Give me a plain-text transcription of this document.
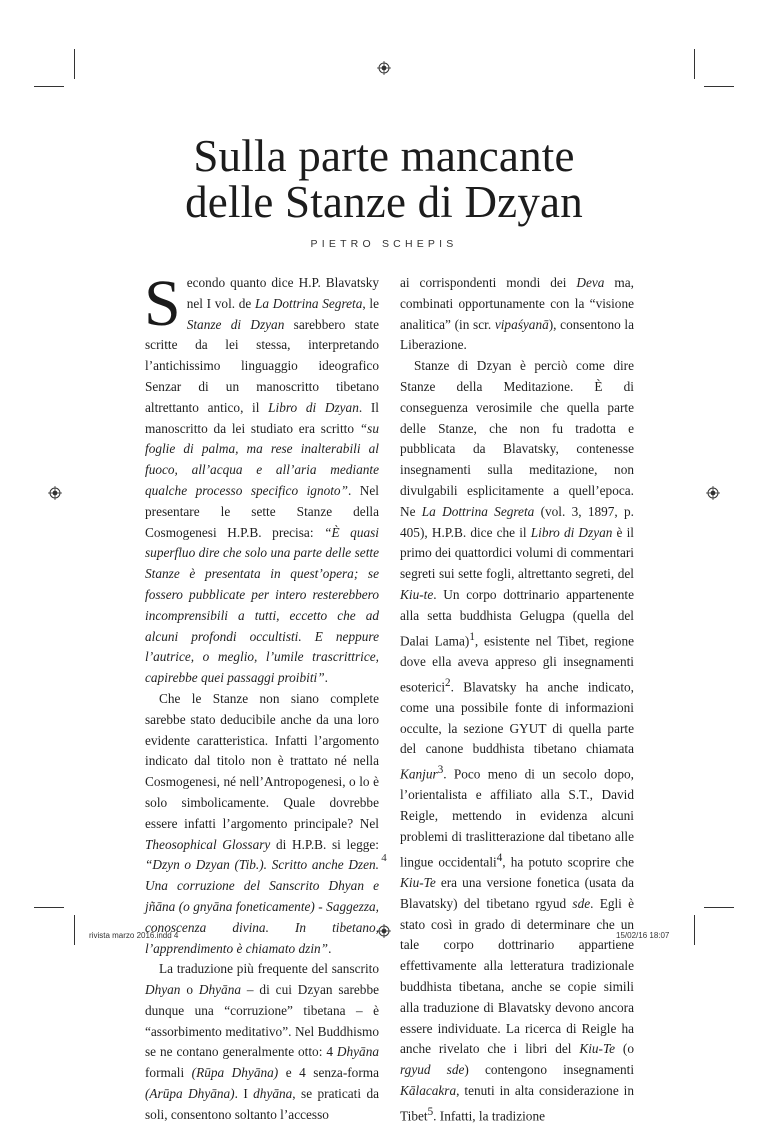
Sulla parte mancante
delle Stanze di Dzyan
PIETRO SCHEPIS

Secondo quanto dice H.P. Blavatsky nel I vol. de La Dottrina Segreta, le Stanze di Dzyan sarebbero state scritte da lei stessa, interpretando l’antichissimo linguaggio ideografico Senzar di un manoscritto tibetano altrettanto antico, il Libro di Dzyan. Il manoscritto da lei studiato era scritto “su foglie di palma, ma rese inalterabili al fuoco, all’acqua e all’aria mediante qualche processo specifico ignoto”. Nel presentare le sette Stanze della Cosmogenesi H.P.B. precisa: “È quasi superfluo dire che solo una parte delle sette Stanze è presentata in quest’opera; se fossero pubblicate per intero resterebbero incomprensibili a tutti, eccetto che ad alcuni profondi occultisti. E neppure l’autrice, o meglio, l’umile trascrittrice, capirebbe quei passaggi proibiti”.

Che le Stanze non siano complete sarebbe stato deducibile anche da una loro evidente caratteristica. Infatti l’argomento indicato dal titolo non è trattato né nella Cosmogenesi, né nell’Antropogenesi, o lo è solo simbolicamente. Quale dovrebbe essere infatti l’argomento principale? Nel Theosophical Glossary di H.P.B. si legge: “Dzyn o Dzyan (Tib.). Scritto anche Dzen. Una corruzione del Sanscrito Dhyan e jñāna (o gnyāna foneticamente) - Saggezza, conoscenza divina. In tibetano, l’apprendimento è chiamato dzin”.

La traduzione più frequente del sanscrito Dhyan o Dhyāna – di cui Dzyan sarebbe dunque una “corruzione” tibetana – è “assorbimento meditativo”. Nel Buddhismo se ne contano generalmente otto: 4 Dhyāna formali (Rūpa Dhyāna) e 4 senza-forma (Arūpa Dhyāna). I dhyāna, se praticati da soli, consentono soltanto l’accesso

ai corrispondenti mondi dei Deva ma, combinati opportunamente con la “visione analitica” (in scr. vipaśyanā), consentono la Liberazione.

Stanze di Dzyan è perciò come dire Stanze della Meditazione. È di conseguenza verosimile che quella parte delle Stanze, che non fu tradotta e pubblicata da Blavatsky, contenesse insegnamenti sulla meditazione, non divulgabili esplicitamente a quell’epoca. Ne La Dottrina Segreta (vol. 3, 1897, p. 405), H.P.B. dice che il Libro di Dzyan è il primo dei quattordici volumi di commentari segreti sui sette fogli, altrettanto segreti, del Kiu-te. Un corpo dottrinario appartenente alla setta buddhista Gelugpa (quella del Dalai Lama)$^1$, esistente nel Tibet, regione dove ella aveva appreso gli insegnamenti esoterici$^2$. Blavatsky ha anche indicato, come una possibile fonte di informazioni occulte, la sezione GYUT di quella parte del canone buddhista tibetano chiamata Kanjur$^3$. Poco meno di un secolo dopo, l’orientalista e affiliato alla S.T., David Reigle, mettendo in evidenza alcuni problemi di traslitterazione dal tibetano alle lingue occidentali$^4$, ha potuto scoprire che Kiu-Te era una versione fonetica (usata da Blavatsky) del tibetano rgyud sde. Egli è stato così in grado di determinare che un tale corpo dottrinario appartiene effettivamente alla letteratura tradizionale buddhista tibetana, anche se copie simili alla traduzione di Blavatsky devono ancora essere individuate. La ricerca di Reigle ha anche rivelato che i libri del Kiu-Te (o rgyud sde) contengono insegnamenti Kālacakra, tenuti in alta considerazione in Tibet$^5$. Infatti, la tradizione

4
rivista marzo 2016.indd 4	15/02/16 18:07
